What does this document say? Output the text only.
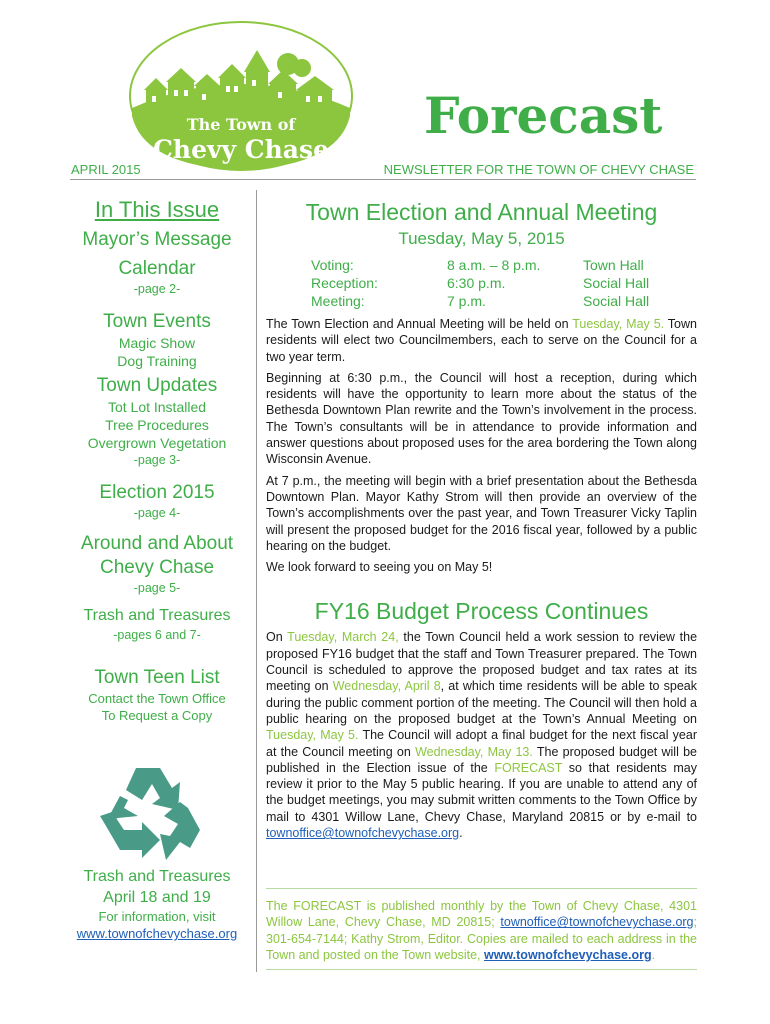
The Town of
Chevy Chase
Forecast
APRIL 2015	NEWSLETTER FOR THE TOWN OF CHEVY CHASE
In This Issue
Mayor’s Message
Calendar
-page 2-
Town Events
Magic Show
Dog Training
Town Updates
Tot Lot Installed
Tree Procedures
Overgrown Vegetation
-page 3-
Election 2015
-page 4-
Around and About
Chevy Chase
-page 5-
Trash and Treasures
-pages 6 and 7-
Town Teen List
Contact the Town Office
To Request a Copy
Trash and Treasures
April 18 and 19
For information, visit
www.townofchevychase.org
Town Election and Annual Meeting
Tuesday, May 5, 2015
Voting:	8 a.m. – 8 p.m.	Town Hall
Reception:	6:30 p.m.	Social Hall
Meeting:	7 p.m.	Social Hall

The Town Election and Annual Meeting will be held on Tuesday, May 5. Town residents will elect two Councilmembers, each to serve on the Council for a two year term.

Beginning at 6:30 p.m., the Council will host a reception, during which residents will have the opportunity to learn more about the status of the Bethesda Downtown Plan rewrite and the Town’s involvement in the process. The Town’s consultants will be in attendance to provide information and answer questions about proposed uses for the area bordering the Town along Wisconsin Avenue.

At 7 p.m., the meeting will begin with a brief presentation about the Bethesda Downtown Plan. Mayor Kathy Strom will then provide an overview of the Town’s accomplishments over the past year, and Town Treasurer Vicky Taplin will present the proposed budget for the 2016 fiscal year, followed by a public hearing on the budget.

We look forward to seeing you on May 5!

FY16 Budget Process Continues

On Tuesday, March 24, the Town Council held a work session to review the proposed FY16 budget that the staff and Town Treasurer prepared. The Town Council is scheduled to approve the proposed budget and tax rates at its meeting on Wednesday, April 8, at which time residents will be able to speak during the public comment portion of the meeting. The Council will then hold a public hearing on the proposed budget at the Town’s Annual Meeting on Tuesday, May 5. The Council will adopt a final budget for the next fiscal year at the Council meeting on Wednesday, May 13. The proposed budget will be published in the Election issue of the FORECAST so that residents may review it prior to the May 5 public hearing. If you are unable to attend any of the budget meetings, you may submit written comments to the Town Office by mail to 4301 Willow Lane, Chevy Chase, Maryland 20815 or by e-mail to townoffice@townofchevychase.org.

The FORECAST is published monthly by the Town of Chevy Chase, 4301 Willow Lane, Chevy Chase, MD 20815; townoffice@townofchevychase.org; 301-654-7144; Kathy Strom, Editor. Copies are mailed to each address in the Town and posted on the Town website, www.townofchevychase.org.
